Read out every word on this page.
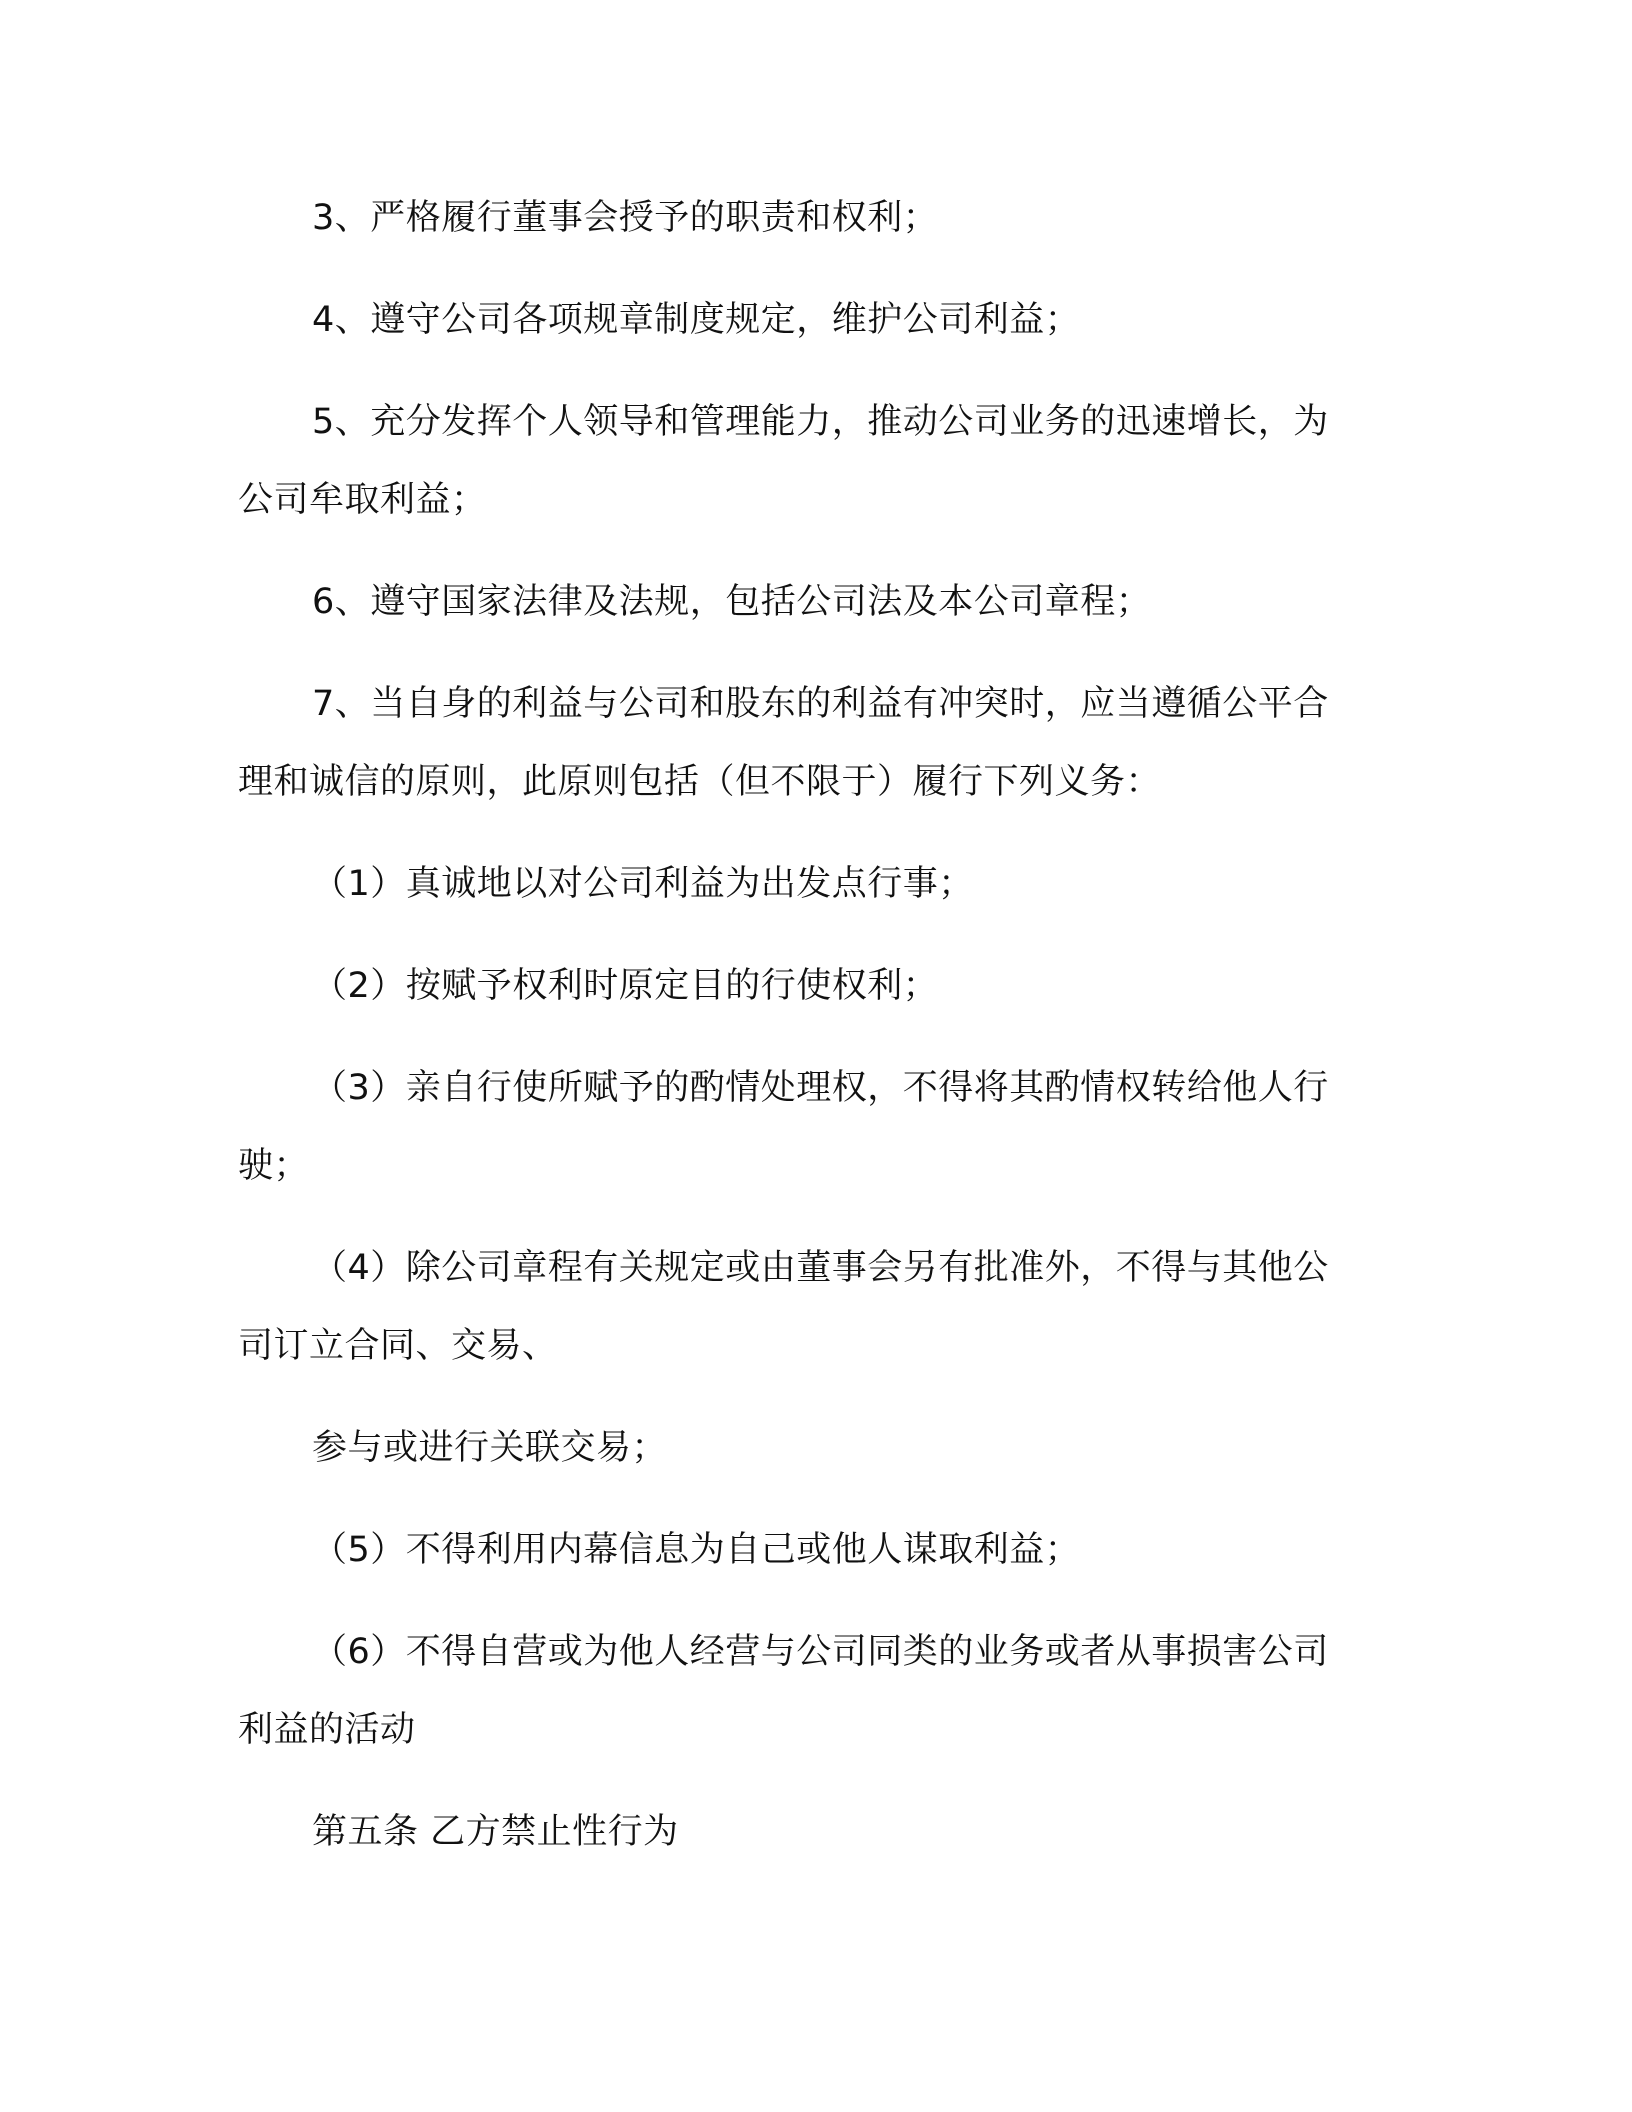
3、严格履行董事会授予的职责和权利；
4、遵守公司各项规章制度规定，维护公司利益；
5、充分发挥个人领导和管理能力，推动公司业务的迅速增长，为
公司牟取利益；
6、遵守国家法律及法规，包括公司法及本公司章程；
7、当自身的利益与公司和股东的利益有冲突时，应当遵循公平合
理和诚信的原则，此原则包括（但不限于）履行下列义务：
（1）真诚地以对公司利益为出发点行事；
（2）按赋予权利时原定目的行使权利；
（3）亲自行使所赋予的酌情处理权，不得将其酌情权转给他人行
驶；
（4）除公司章程有关规定或由董事会另有批准外，不得与其他公
司订立合同、交易、
参与或进行关联交易；
（5）不得利用内幕信息为自己或他人谋取利益；
（6）不得自营或为他人经营与公司同类的业务或者从事损害公司
利益的活动
第五条 乙方禁止性行为
